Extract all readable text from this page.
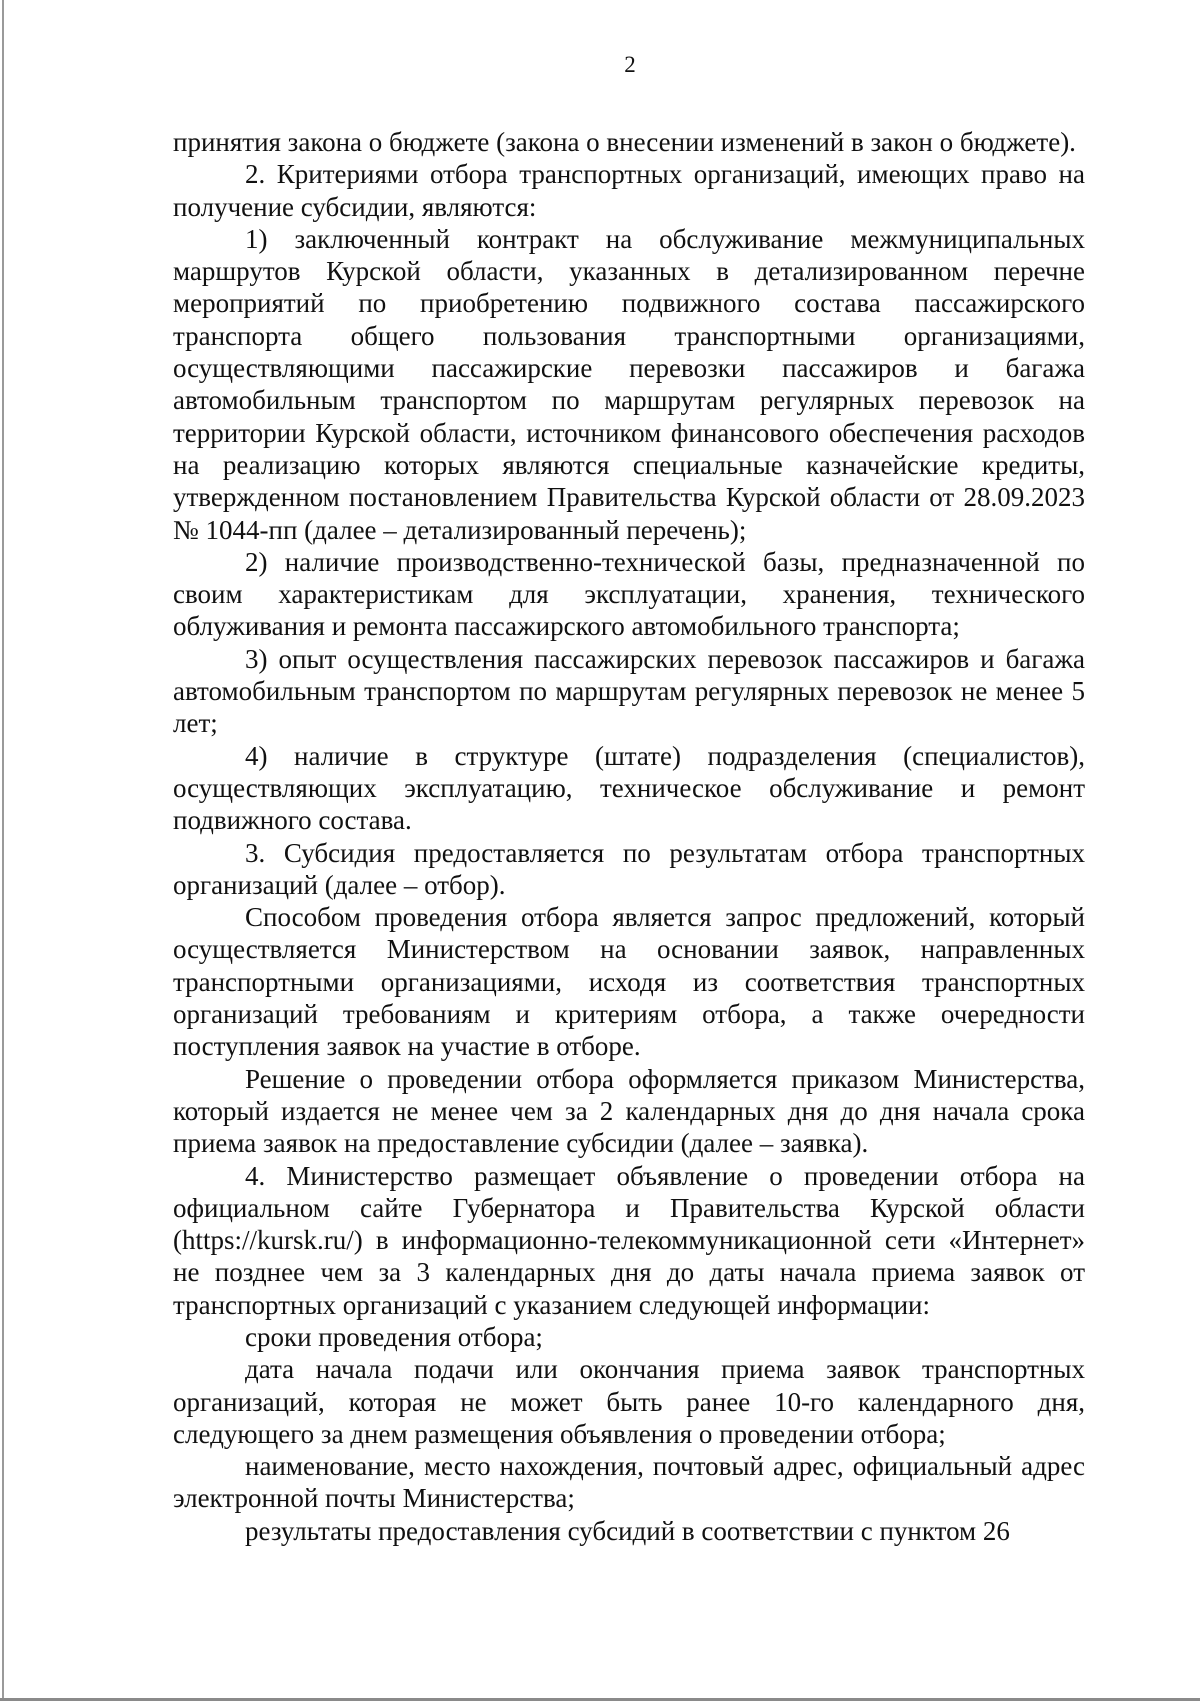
2

принятия закона о бюджете (закона о внесении изменений в закон о бюджете).

2. Критериями отбора транспортных организаций, имеющих право на получение субсидии, являются:

1) заключенный контракт на обслуживание межмуниципальных маршрутов Курской области, указанных в детализированном перечне мероприятий по приобретению подвижного состава пассажирского транспорта общего пользования транспортными организациями, осуществляющими пассажирские перевозки пассажиров и багажа автомобильным транспортом по маршрутам регулярных перевозок на территории Курской области, источником финансового обеспечения расходов на реализацию которых являются специальные казначейские кредиты, утвержденном постановлением Правительства Курской области от 28.09.2023 № 1044-пп (далее – детализированный перечень);

2) наличие производственно-технической базы, предназначенной по своим характеристикам для эксплуатации, хранения, технического облуживания и ремонта пассажирского автомобильного транспорта;

3) опыт осуществления пассажирских перевозок пассажиров и багажа автомобильным транспортом по маршрутам регулярных перевозок не менее 5 лет;

4) наличие в структуре (штате) подразделения (специалистов), осуществляющих эксплуатацию, техническое обслуживание и ремонт подвижного состава.

3. Субсидия предоставляется по результатам отбора транспортных организаций (далее – отбор).

Способом проведения отбора является запрос предложений, который осуществляется Министерством на основании заявок, направленных транспортными организациями, исходя из соответствия транспортных организаций требованиям и критериям отбора, а также очередности поступления заявок на участие в отборе.

Решение о проведении отбора оформляется приказом Министерства, который издается не менее чем за 2 календарных дня до дня начала срока приема заявок на предоставление субсидии (далее – заявка).

4. Министерство размещает объявление о проведении отбора на официальном сайте Губернатора и Правительства Курской области (https://kursk.ru/) в информационно-телекоммуникационной сети «Интернет» не позднее чем за 3 календарных дня до даты начала приема заявок от транспортных организаций с указанием следующей информации:

сроки проведения отбора;

дата начала подачи или окончания приема заявок транспортных организаций, которая не может быть ранее 10-го календарного дня, следующего за днем размещения объявления о проведении отбора;

наименование, место нахождения, почтовый адрес, официальный адрес электронной почты Министерства;

результаты предоставления субсидий в соответствии с пунктом 26
